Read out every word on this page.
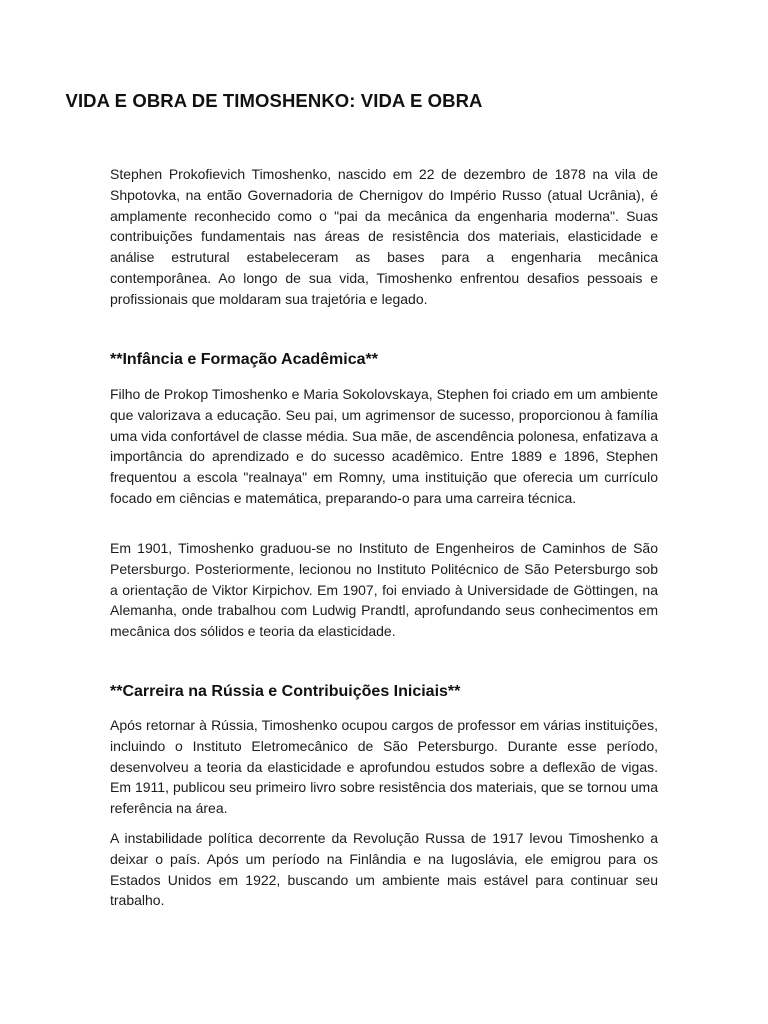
VIDA E OBRA DE TIMOSHENKO: VIDA E OBRA

Stephen Prokofievich Timoshenko, nascido em 22 de dezembro de 1878 na vila de Shpotovka, na então Governadoria de Chernigov do Império Russo (atual Ucrânia), é amplamente reconhecido como o "pai da mecânica da engenharia moderna". Suas contribuições fundamentais nas áreas de resistência dos materiais, elasticidade e análise estrutural estabeleceram as bases para a engenharia mecânica contemporânea. Ao longo de sua vida, Timoshenko enfrentou desafios pessoais e profissionais que moldaram sua trajetória e legado.

**Infância e Formação Acadêmica**

Filho de Prokop Timoshenko e Maria Sokolovskaya, Stephen foi criado em um ambiente que valorizava a educação. Seu pai, um agrimensor de sucesso, proporcionou à família uma vida confortável de classe média. Sua mãe, de ascendência polonesa, enfatizava a importância do aprendizado e do sucesso acadêmico. Entre 1889 e 1896, Stephen frequentou a escola "realnaya" em Romny, uma instituição que oferecia um currículo focado em ciências e matemática, preparando-o para uma carreira técnica.

Em 1901, Timoshenko graduou-se no Instituto de Engenheiros de Caminhos de São Petersburgo. Posteriormente, lecionou no Instituto Politécnico de São Petersburgo sob a orientação de Viktor Kirpichov. Em 1907, foi enviado à Universidade de Göttingen, na Alemanha, onde trabalhou com Ludwig Prandtl, aprofundando seus conhecimentos em mecânica dos sólidos e teoria da elasticidade.

**Carreira na Rússia e Contribuições Iniciais**

Após retornar à Rússia, Timoshenko ocupou cargos de professor em várias instituições, incluindo o Instituto Eletromecânico de São Petersburgo. Durante esse período, desenvolveu a teoria da elasticidade e aprofundou estudos sobre a deflexão de vigas. Em 1911, publicou seu primeiro livro sobre resistência dos materiais, que se tornou uma referência na área.

A instabilidade política decorrente da Revolução Russa de 1917 levou Timoshenko a deixar o país. Após um período na Finlândia e na Iugoslávia, ele emigrou para os Estados Unidos em 1922, buscando um ambiente mais estável para continuar seu trabalho.
